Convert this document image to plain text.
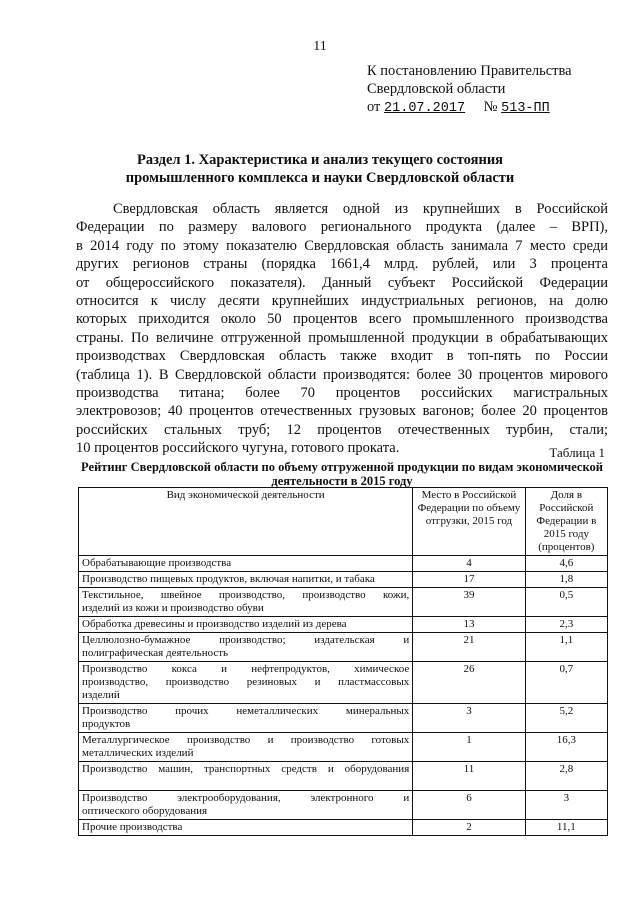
11
К постановлению Правительства
Свердловской области
от 21.07.2017 № 513-ПП
Раздел 1. Характеристика и анализ текущего состояния
промышленного комплекса и науки Свердловской области
Свердловская область является одной из крупнейших в Российской
Федерации по размеру валового регионального продукта (далее – ВРП),
в 2014 году по этому показателю Свердловская область занимала 7 место среди
других регионов страны (порядка 1661,4 млрд. рублей, или 3 процента
от общероссийского показателя). Данный субъект Российской Федерации
относится к числу десяти крупнейших индустриальных регионов, на долю
которых приходится около 50 процентов всего промышленного производства
страны. По величине отгруженной промышленной продукции в обрабатывающих
производствах Свердловская область также входит в топ-пять по России
(таблица 1). В Свердловской области производятся: более 30 процентов мирового
производства титана; более 70 процентов российских магистральных
электровозов; 40 процентов отечественных грузовых вагонов; более 20 процентов
российских стальных труб; 12 процентов отечественных турбин, стали;
10 процентов российского чугуна, готового проката.	Таблица 1
Рейтинг Свердловской области по объему отгруженной продукции по видам экономической
деятельности в 2015 году
Вид экономической деятельности	Место в Российской Федерации по объему отгрузки, 2015 год	Доля в Российской Федерации в 2015 году (процентов)

Обрабатывающие производства	4	4,6

Производство пищевых продуктов, включая напитки, и табака	17	1,8

Текстильное, швейное производство, производство кожи,
изделий из кожи и производство обуви	39	0,5

Обработка древесины и производство изделий из дерева	13	2,3

Целлюлозно-бумажное производство; издательская и
полиграфическая деятельность	21	1,1

Производство кокса и нефтепродуктов, химическое
производство, производство резиновых и пластмассовых
изделий	26	0,7

Производство прочих неметаллических минеральных
продуктов	3	5,2

Металлургическое производство и производство готовых
металлических изделий	1	16,3

Производство машин, транспортных средств и оборудования	11	2,8

Производство электрооборудования, электронного и
оптического оборудования	6	3

Прочие производства	2	11,1
